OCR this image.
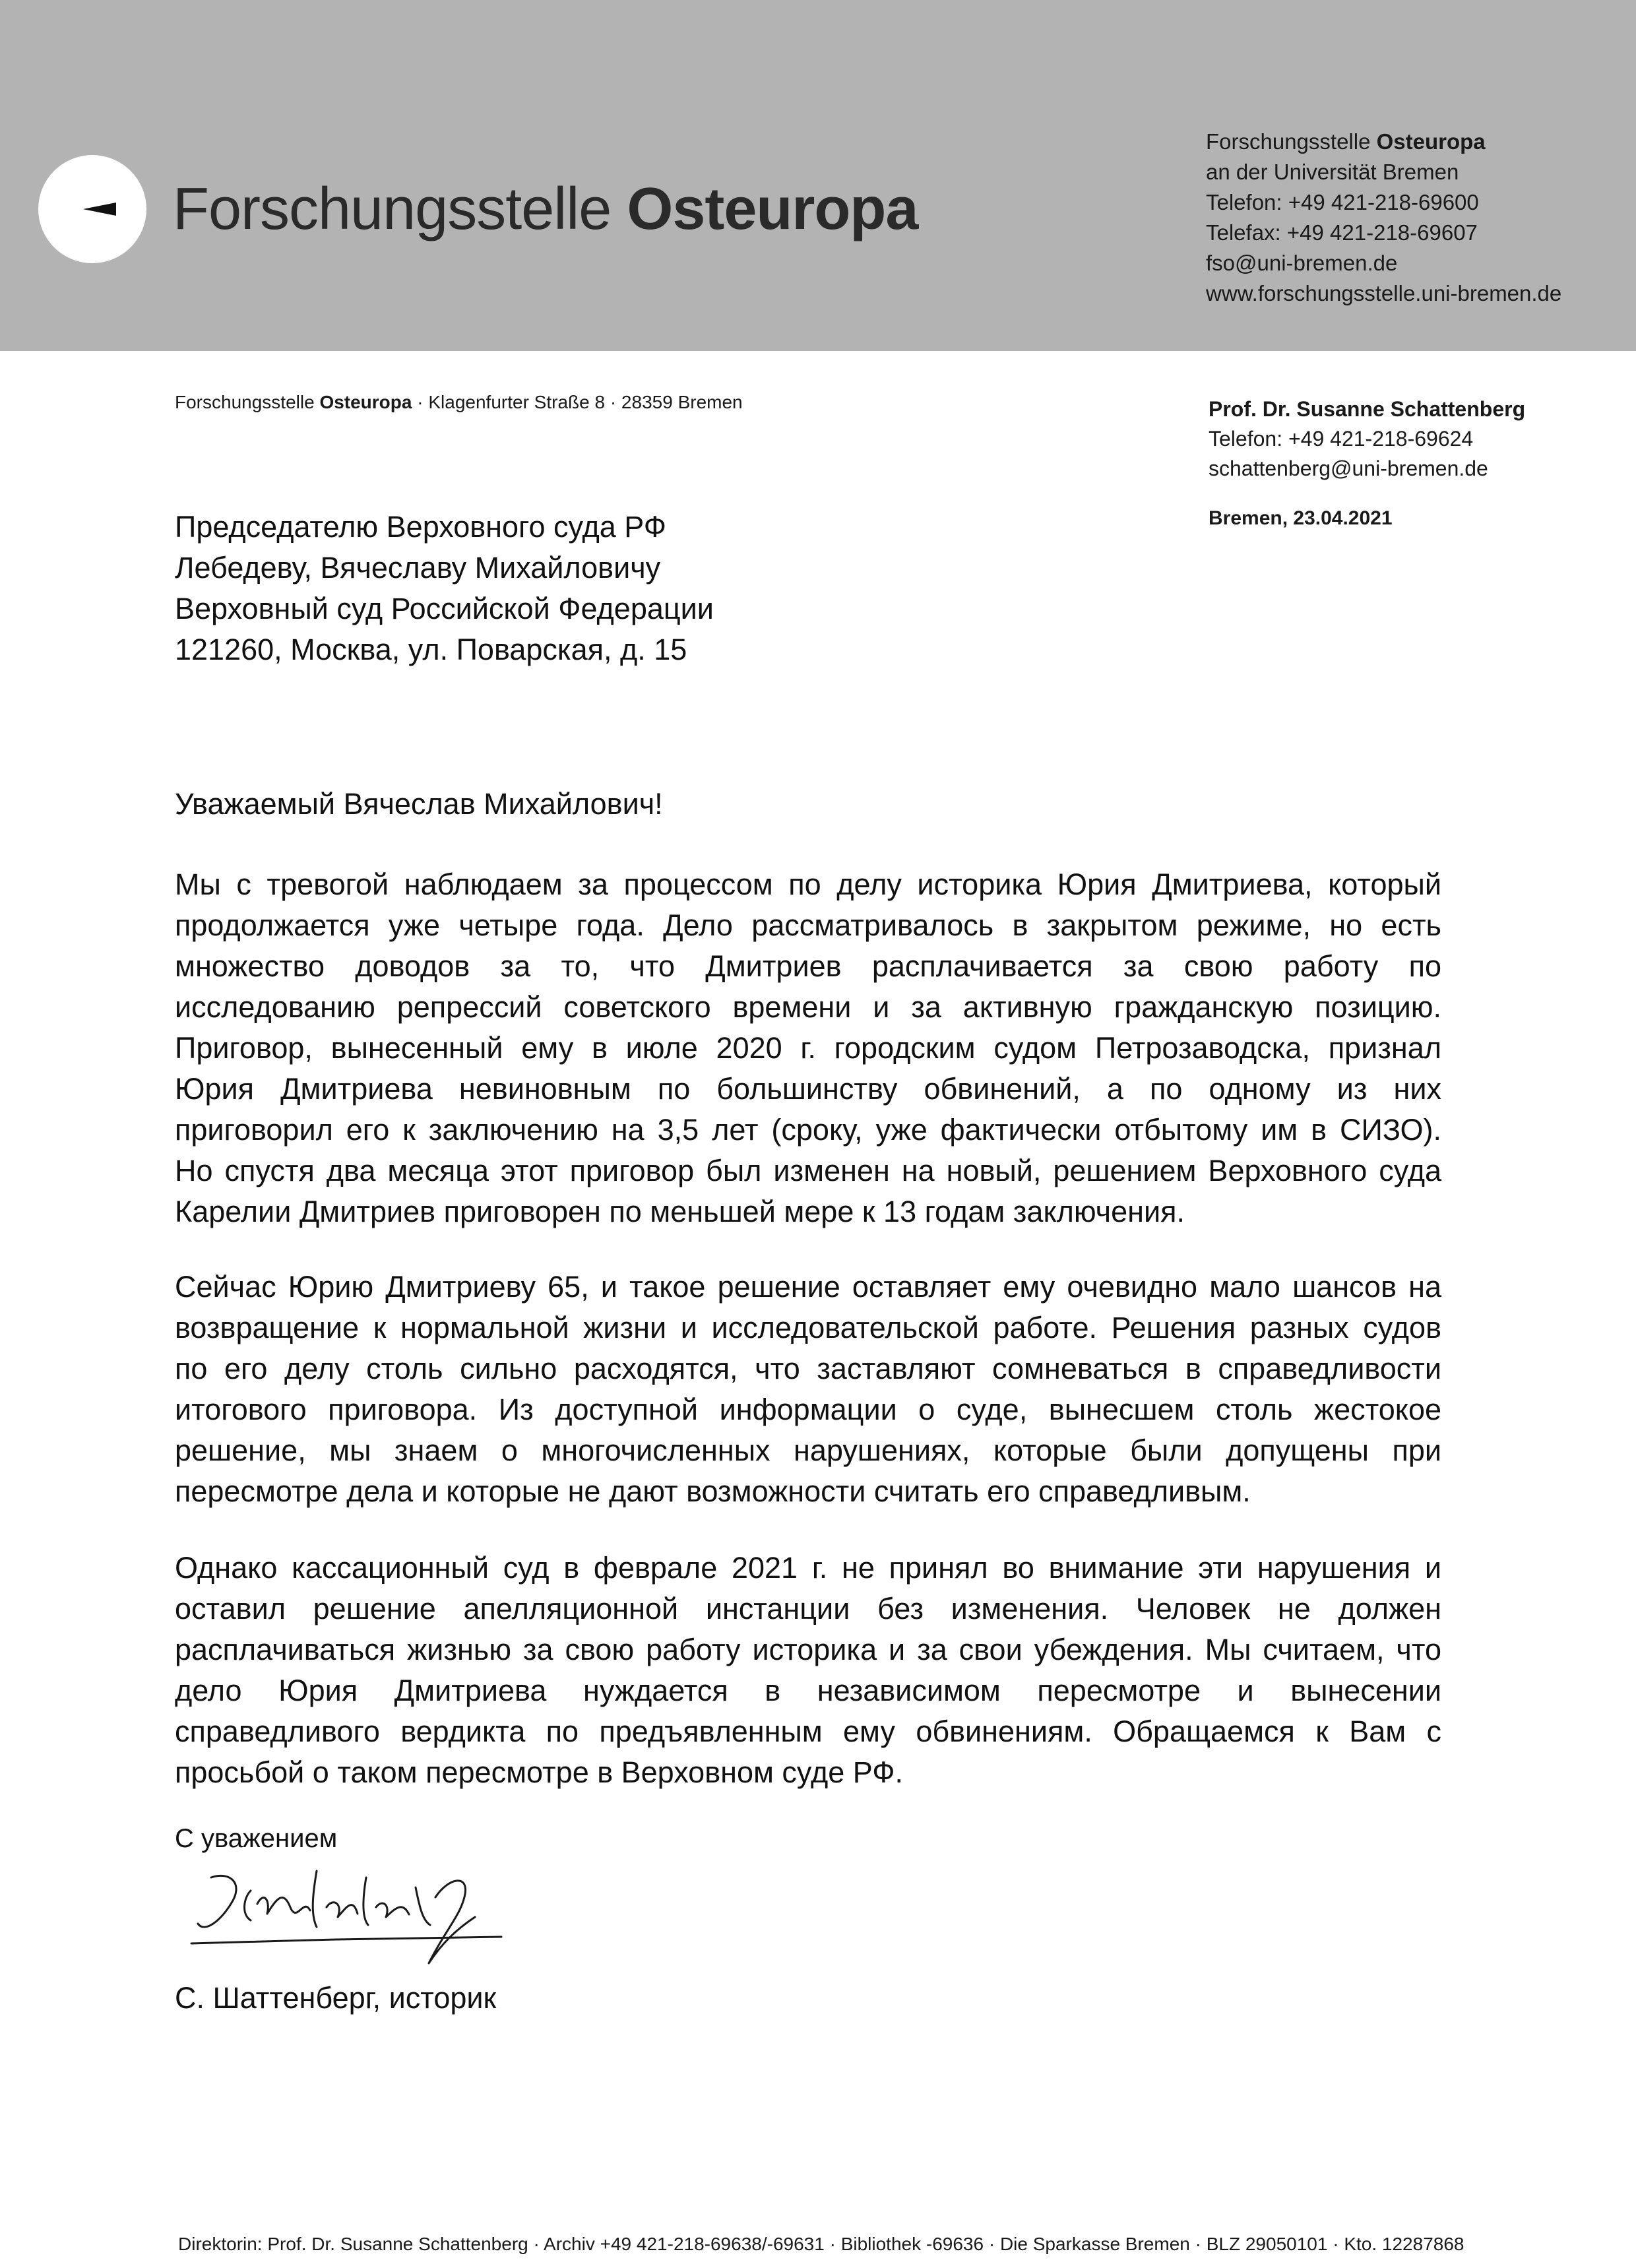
Forschungsstelle Osteuropa
Forschungsstelle Osteuropa
an der Universität Bremen
Telefon: +49 421-218-69600
Telefax: +49 421-218-69607
fso@uni-bremen.de
www.forschungsstelle.uni-bremen.de
Forschungsstelle Osteuropa · Klagenfurter Straße 8 · 28359 Bremen	Prof. Dr. Susanne Schattenberg
Telefon: +49 421-218-69624
schattenberg@uni-bremen.de
Bremen, 23.04.2021
Председателю Верховного суда РФ
Лебедеву, Вячеславу Михайловичу
Верховный суд Российской Федерации
121260, Москва, ул. Поварская, д. 15
Уважаемый Вячеслав Михайлович!
Мы с тревогой наблюдаем за процессом по делу историка Юрия Дмитриева, который
продолжается уже четыре года. Дело рассматривалось в закрытом режиме, но есть
множество доводов за то, что Дмитриев расплачивается за свою работу по
исследованию репрессий советского времени и за активную гражданскую позицию.
Приговор, вынесенный ему в июле 2020 г. городским судом Петрозаводска, признал
Юрия Дмитриева невиновным по большинству обвинений, а по одному из них
приговорил его к заключению на 3,5 лет (сроку, уже фактически отбытому им в СИЗО).
Но спустя два месяца этот приговор был изменен на новый, решением Верховного суда
Карелии Дмитриев приговорен по меньшей мере к 13 годам заключения.
Сейчас Юрию Дмитриеву 65, и такое решение оставляет ему очевидно мало шансов на
возвращение к нормальной жизни и исследовательской работе. Решения разных судов
по его делу столь сильно расходятся, что заставляют сомневаться в справедливости
итогового приговора. Из доступной информации о суде, вынесшем столь жестокое
решение, мы знаем о многочисленных нарушениях, которые были допущены при
пересмотре дела и которые не дают возможности считать его справедливым.
Однако кассационный суд в феврале 2021 г. не принял во внимание эти нарушения и
оставил решение апелляционной инстанции без изменения. Человек не должен
расплачиваться жизнью за свою работу историка и за свои убеждения. Мы считаем, что
дело Юрия Дмитриева нуждается в независимом пересмотре и вынесении
справедливого вердикта по предъявленным ему обвинениям. Обращаемся к Вам с
просьбой о таком пересмотре в Верховном суде РФ.
С уважением
С. Шаттенберг, историк
Direktorin: Prof. Dr. Susanne Schattenberg · Archiv +49 421-218-69638/-69631 · Bibliothek -69636 · Die Sparkasse Bremen · BLZ 29050101 · Kto. 12287868
